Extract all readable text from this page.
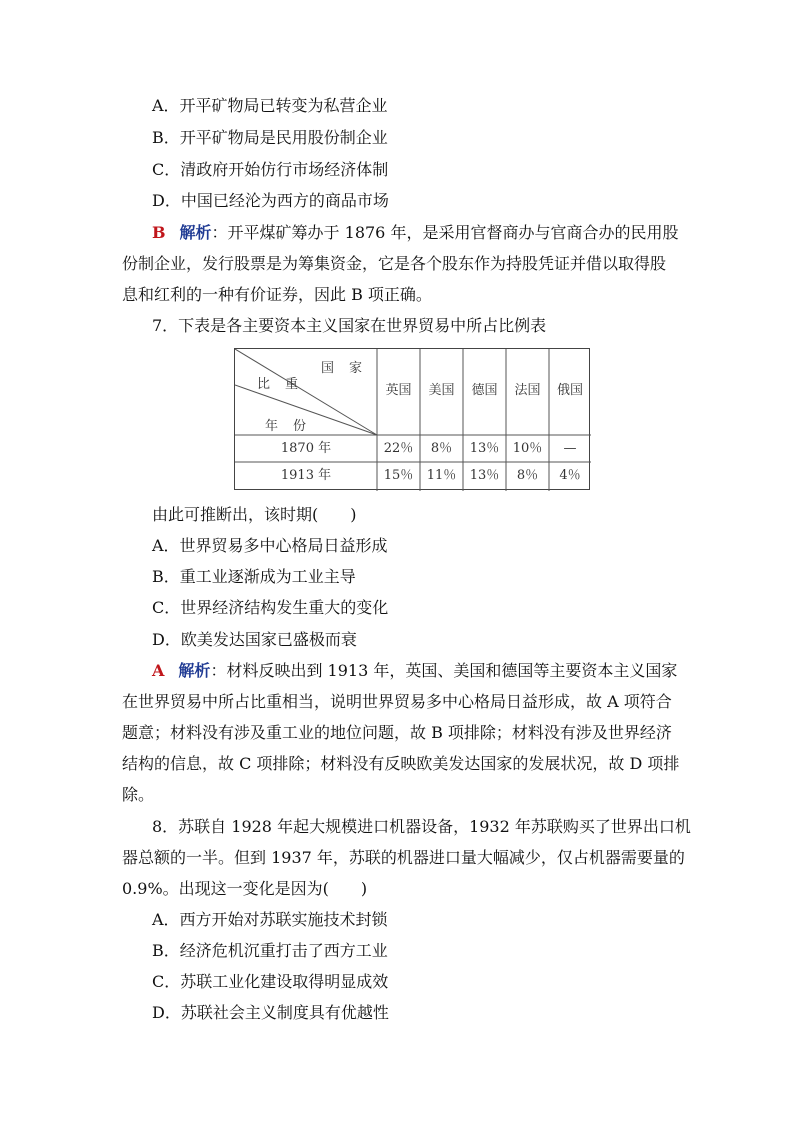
A．开平矿物局已转变为私营企业
B．开平矿物局是民用股份制企业
C．清政府开始仿行市场经济体制
D．中国已经沦为西方的商品市场
B 解析：开平煤矿筹办于 1876 年，是采用官督商办与官商合办的民用股
份制企业，发行股票是为筹集资金，它是各个股东作为持股凭证并借以取得股
息和红利的一种有价证券，因此 B 项正确。
7．下表是各主要资本主义国家在世界贸易中所占比例表
国　家
比　重
年　份
英国	美国	德国	法国	俄国
1870 年	22％	8％	13％	10％	—
1913 年	15％	11％	13％	8％	4％
由此可推断出，该时期(　　)
A．世界贸易多中心格局日益形成
B．重工业逐渐成为工业主导
C．世界经济结构发生重大的变化
D．欧美发达国家已盛极而衰
A 解析：材料反映出到 1913 年，英国、美国和德国等主要资本主义国家
在世界贸易中所占比重相当，说明世界贸易多中心格局日益形成，故 A 项符合
题意；材料没有涉及重工业的地位问题，故 B 项排除；材料没有涉及世界经济
结构的信息，故 C 项排除；材料没有反映欧美发达国家的发展状况，故 D 项排
除。
8．苏联自 1928 年起大规模进口机器设备，1932 年苏联购买了世界出口机
器总额的一半。但到 1937 年，苏联的机器进口量大幅减少，仅占机器需要量的
0.9%。出现这一变化是因为(　　)
A．西方开始对苏联实施技术封锁
B．经济危机沉重打击了西方工业
C．苏联工业化建设取得明显成效
D．苏联社会主义制度具有优越性
